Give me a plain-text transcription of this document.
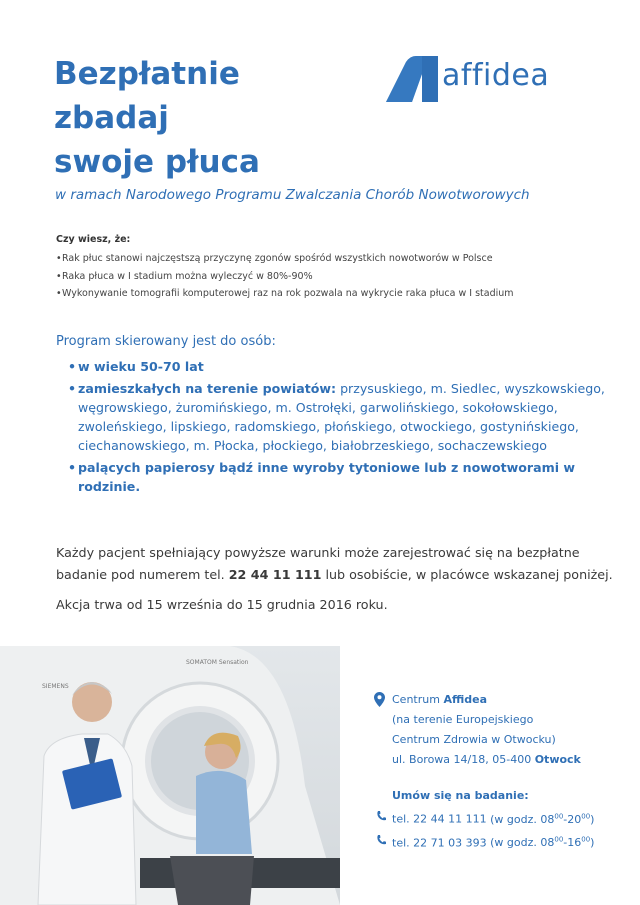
Bezpłatnie
zbadaj
swoje płuca
affidea

w ramach Narodowego Programu Zwalczania Chorób Nowotworowych

Czy wiesz, że:
• Rak płuc stanowi najczęstszą przyczynę zgonów spośród wszystkich nowotworów w Polsce
• Raka płuca w I stadium można wyleczyć w 80%-90%
• Wykonywanie tomografii komputerowej raz na rok pozwala na wykrycie raka płuca w I stadium
Program skierowany jest do osób:
• w wieku 50-70 lat
• zamieszkałych na terenie powiatów: przysuskiego, m. Siedlec, wyszkowskiego, węgrowskiego, żuromińskiego, m. Ostrołęki, garwolińskiego, sokołowskiego, zwoleńskiego, lipskiego, radomskiego, płońskiego, otwockiego, gostynińskiego, ciechanowskiego, m. Płocka, płockiego, białobrzeskiego, sochaczewskiego
• palących papierosy bądź inne wyroby tytoniowe lub z nowotworami w rodzinie.

Każdy pacjent spełniający powyższe warunki może zarejestrować się na bezpłatne badanie pod numerem tel. 22 44 11 111 lub osobiście, w placówce wskazanej poniżej.

Akcja trwa od 15 września do 15 grudnia 2016 roku.

SIEMENS
SOMATOM Sensation
Centrum Affidea
(na terenie Europejskiego
Centrum Zdrowia w Otwocku)
ul. Borowa 14/18, 05-400 Otwock
Umów się na badanie:
tel. 22 44 11 111 (w godz. $08^{00}-20^{00}$)
tel. 22 71 03 393 (w godz. $08^{00}-16^{00}$)
